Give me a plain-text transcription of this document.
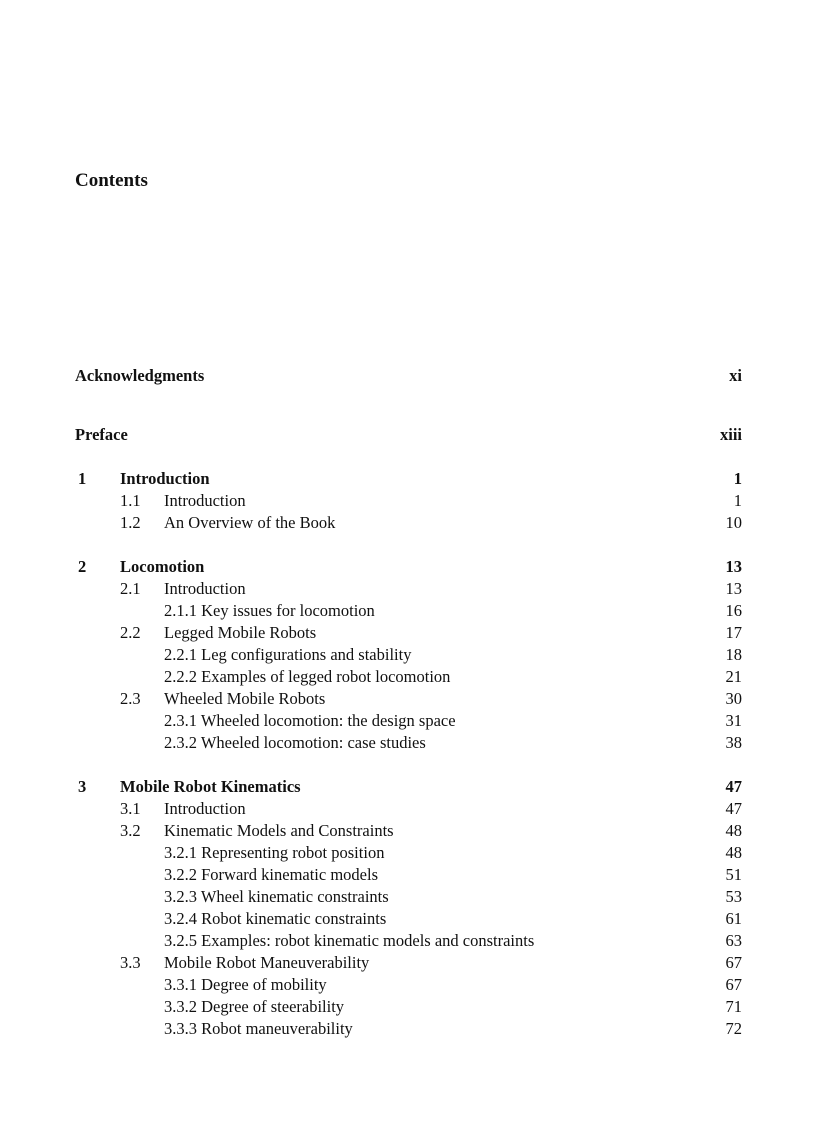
Contents
Acknowledgments	xi
Preface	xiii
1 Introduction	1
1.1 Introduction	1
1.2 An Overview of the Book	10
2 Locomotion	13
2.1 Introduction	13
2.1.1 Key issues for locomotion	16
2.2 Legged Mobile Robots	17
2.2.1 Leg configurations and stability	18
2.2.2 Examples of legged robot locomotion	21
2.3 Wheeled Mobile Robots	30
2.3.1 Wheeled locomotion: the design space	31
2.3.2 Wheeled locomotion: case studies	38
3 Mobile Robot Kinematics	47
3.1 Introduction	47
3.2 Kinematic Models and Constraints	48
3.2.1 Representing robot position	48
3.2.2 Forward kinematic models	51
3.2.3 Wheel kinematic constraints	53
3.2.4 Robot kinematic constraints	61
3.2.5 Examples: robot kinematic models and constraints	63
3.3 Mobile Robot Maneuverability	67
3.3.1 Degree of mobility	67
3.3.2 Degree of steerability	71
3.3.3 Robot maneuverability	72
